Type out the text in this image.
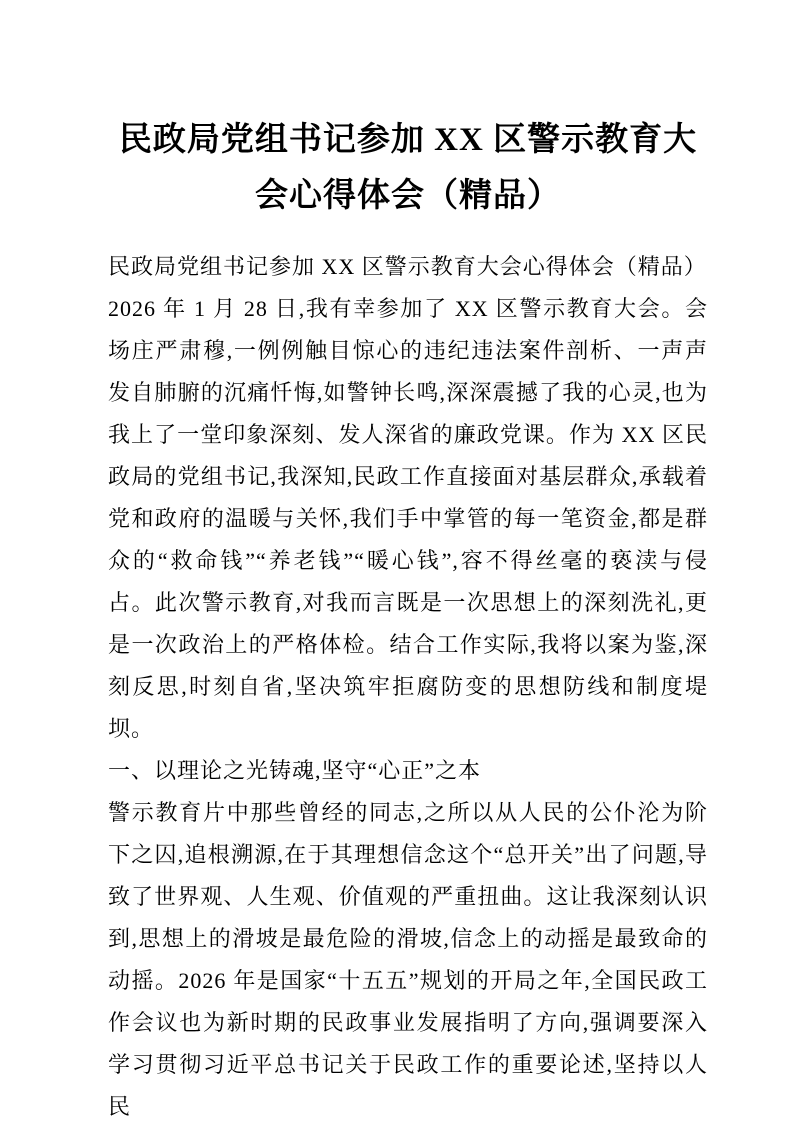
民政局党组书记参加 XX 区警示教育大会心得体会（精品）

民政局党组书记参加 XX 区警示教育大会心得体会（精品）

2026 年 1 月 28 日,我有幸参加了 XX 区警示教育大会。会场庄严肃穆,一例例触目惊心的违纪违法案件剖析、一声声发自肺腑的沉痛忏悔,如警钟长鸣,深深震撼了我的心灵,也为我上了一堂印象深刻、发人深省的廉政党课。作为 XX 区民政局的党组书记,我深知,民政工作直接面对基层群众,承载着党和政府的温暖与关怀,我们手中掌管的每一笔资金,都是群众的“救命钱”“养老钱”“暖心钱”,容不得丝毫的亵渎与侵占。此次警示教育,对我而言既是一次思想上的深刻洗礼,更是一次政治上的严格体检。结合工作实际,我将以案为鉴,深刻反思,时刻自省,坚决筑牢拒腐防变的思想防线和制度堤坝。

一、以理论之光铸魂,坚守“心正”之本

警示教育片中那些曾经的同志,之所以从人民的公仆沦为阶下之囚,追根溯源,在于其理想信念这个“总开关”出了问题,导致了世界观、人生观、价值观的严重扭曲。这让我深刻认识到,思想上的滑坡是最危险的滑坡,信念上的动摇是最致命的动摇。2026 年是国家“十五五”规划的开局之年,全国民政工作会议也为新时期的民政事业发展指明了方向,强调要深入学习贯彻习近平总书记关于民政工作的重要论述,坚持以人民
